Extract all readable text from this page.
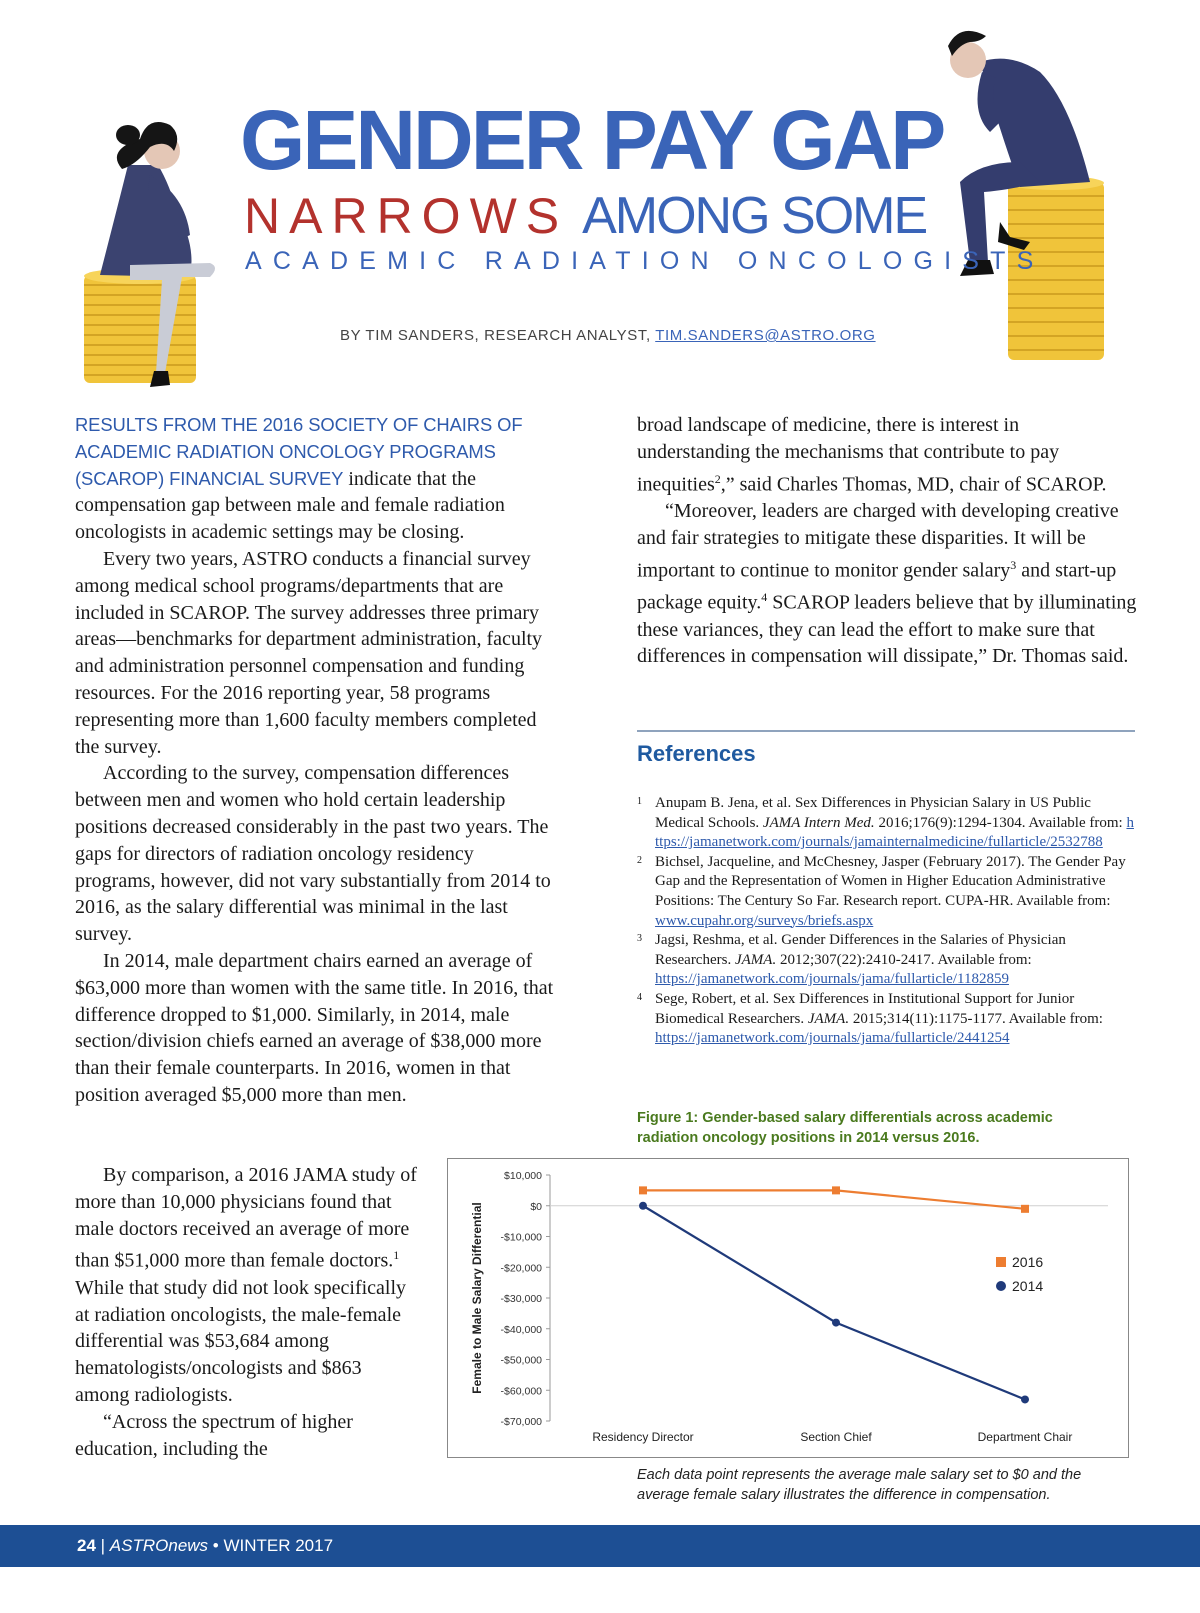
GENDER PAY GAP
NARROWS AMONG SOME
ACADEMIC RADIATION ONCOLOGISTS
BY TIM SANDERS, RESEARCH ANALYST, TIM.SANDERS@ASTRO.ORG

RESULTS FROM THE 2016 SOCIETY OF CHAIRS OF ACADEMIC RADIATION ONCOLOGY PROGRAMS (SCAROP) FINANCIAL SURVEY indicate that the compensation gap between male and female radiation oncologists in academic settings may be closing.

Every two years, ASTRO conducts a financial survey among medical school programs/departments that are included in SCAROP. The survey addresses three primary areas—benchmarks for department administration, faculty and administration personnel compensation and funding resources. For the 2016 reporting year, 58 programs representing more than 1,600 faculty members completed the survey.

According to the survey, compensation differences between men and women who hold certain leadership positions decreased considerably in the past two years. The gaps for directors of radiation oncology residency programs, however, did not vary substantially from 2014 to 2016, as the salary differential was minimal in the last survey.

In 2014, male department chairs earned an average of $63,000 more than women with the same title. In 2016, that difference dropped to $1,000. Similarly, in 2014, male section/division chiefs earned an average of $38,000 more than their female counterparts. In 2016, women in that position averaged $5,000 more than men.

By comparison, a 2016 JAMA study of more than 10,000 physicians found that male doctors received an average of more than $51,000 more than female doctors.$^1$ While that study did not look specifically at radiation oncologists, the male-female differential was $53,684 among hematologists/oncologists and $863 among radiologists.

“Across the spectrum of higher education, including the

broad landscape of medicine, there is interest in understanding the mechanisms that contribute to pay inequities$^2$,” said Charles Thomas, MD, chair of SCAROP.

“Moreover, leaders are charged with developing creative and fair strategies to mitigate these disparities. It will be important to continue to monitor gender salary$^3$ and start-up package equity.$^4$ SCAROP leaders believe that by illuminating these variances, they can lead the effort to make sure that differences in compensation will dissipate,” Dr. Thomas said.

References
1 Anupam B. Jena, et al. Sex Differences in Physician Salary in US Public Medical Schools. JAMA Intern Med. 2016;176(9):1294-1304. Available from: https://jamanetwork.com/journals/jamainternalmedicine/fullarticle/2532788
2 Bichsel, Jacqueline, and McChesney, Jasper (February 2017). The Gender Pay Gap and the Representation of Women in Higher Education Administrative Positions: The Century So Far. Research report. CUPA-HR. Available from: www.cupahr.org/surveys/briefs.aspx
3 Jagsi, Reshma, et al. Gender Differences in the Salaries of Physician Researchers. JAMA. 2012;307(22):2410-2417. Available from: https://jamanetwork.com/journals/jama/fullarticle/1182859
4 Sege, Robert, et al. Sex Differences in Institutional Support for Junior Biomedical Researchers. JAMA. 2015;314(11):1175-1177. Available from: https://jamanetwork.com/journals/jama/fullarticle/2441254
Figure 1: Gender-based salary differentials across academic radiation oncology positions in 2014 versus 2016.
$10,000
$0
-$10,000
-$20,000
-$30,000
-$40,000
-$50,000
-$60,000
-$70,000
Female to Male Salary Differential
Residency Director	Section Chief	Department Chair
2016
2014
Each data point represents the average male salary set to $0 and the average female salary illustrates the difference in compensation.
24 | ASTROnews • WINTER 2017
